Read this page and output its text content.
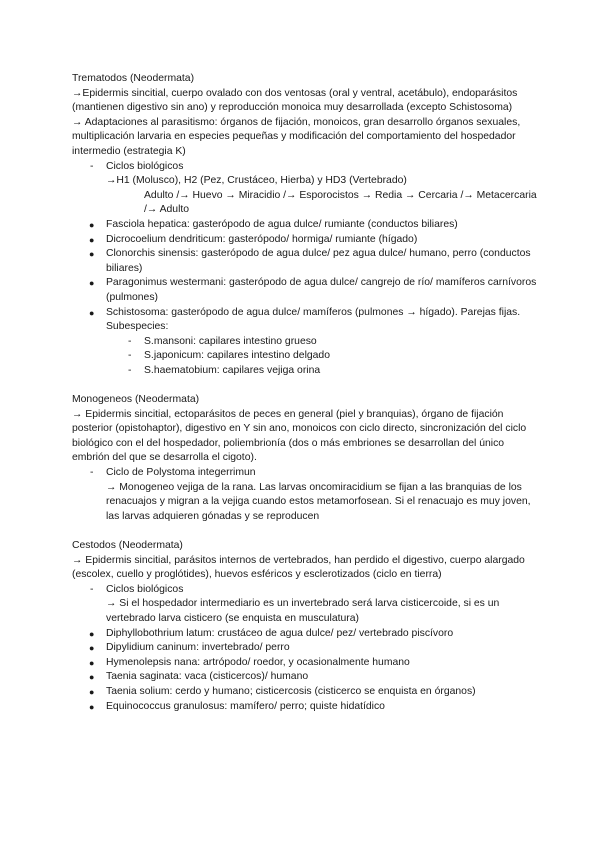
Trematodos (Neodermata)

→Epidermis sincitial, cuerpo ovalado con dos ventosas (oral y ventral, acetábulo), endoparásitos (mantienen digestivo sin ano) y reproducción monoica muy desarrollada (excepto Schistosoma)

→ Adaptaciones al parasitismo: órganos de fijación, monoicos, gran desarrollo órganos sexuales, multiplicación larvaria en especies pequeñas y modificación del comportamiento del hospedador intermedio (estrategia K)

- Ciclos biológicos

→H1 (Molusco), H2 (Pez, Crustáceo, Hierba) y HD3 (Vertebrado)

Adulto /→ Huevo → Miracidio /→ Esporocistos → Redia → Cercaria /→ Metacercaria /→ Adulto

● Fasciola hepatica: gasterópodo de agua dulce/ rumiante (conductos biliares)
● Dicrocoelium dendriticum: gasterópodo/ hormiga/ rumiante (hígado)
● Clonorchis sinensis: gasterópodo de agua dulce/ pez agua dulce/ humano, perro (conductos biliares)
● Paragonimus westermani: gasterópodo de agua dulce/ cangrejo de río/ mamíferos carnívoros (pulmones)
● Schistosoma: gasterópodo de agua dulce/ mamíferos (pulmones → hígado). Parejas fijas. Subespecies:
- S.mansoni: capilares intestino grueso
- S.japonicum: capilares intestino delgado
- S.haematobium: capilares vejiga orina

Monogeneos (Neodermata)

→ Epidermis sincitial, ectoparásitos de peces en general (piel y branquias), órgano de fijación posterior (opistohaptor), digestivo en Y sin ano, monoicos con ciclo directo, sincronización del ciclo biológico con el del hospedador, poliembrionía (dos o más embriones se desarrollan del único embrión del que se desarrolla el cigoto).

- Ciclo de Polystoma integerrimun

→ Monogeneo vejiga de la rana. Las larvas oncomiracidium se fijan a las branquias de los renacuajos y migran a la vejiga cuando estos metamorfosean. Si el renacuajo es muy joven, las larvas adquieren gónadas y se reproducen

Cestodos (Neodermata)

→ Epidermis sincitial, parásitos internos de vertebrados, han perdido el digestivo, cuerpo alargado (escolex, cuello y proglótides), huevos esféricos y esclerotizados (ciclo en tierra)

- Ciclos biológicos

→ Si el hospedador intermediario es un invertebrado será larva cisticercoide, si es un vertebrado larva cisticero (se enquista en musculatura)

● Diphyllobothrium latum: crustáceo de agua dulce/ pez/ vertebrado piscívoro
● Dipylidium caninum: invertebrado/ perro
● Hymenolepsis nana: artrópodo/ roedor, y ocasionalmente humano
● Taenia saginata: vaca (cisticercos)/ humano
● Taenia solium: cerdo y humano; cisticercosis (cisticerco se enquista en órganos)
● Equinococcus granulosus: mamífero/ perro; quiste hidatídico
